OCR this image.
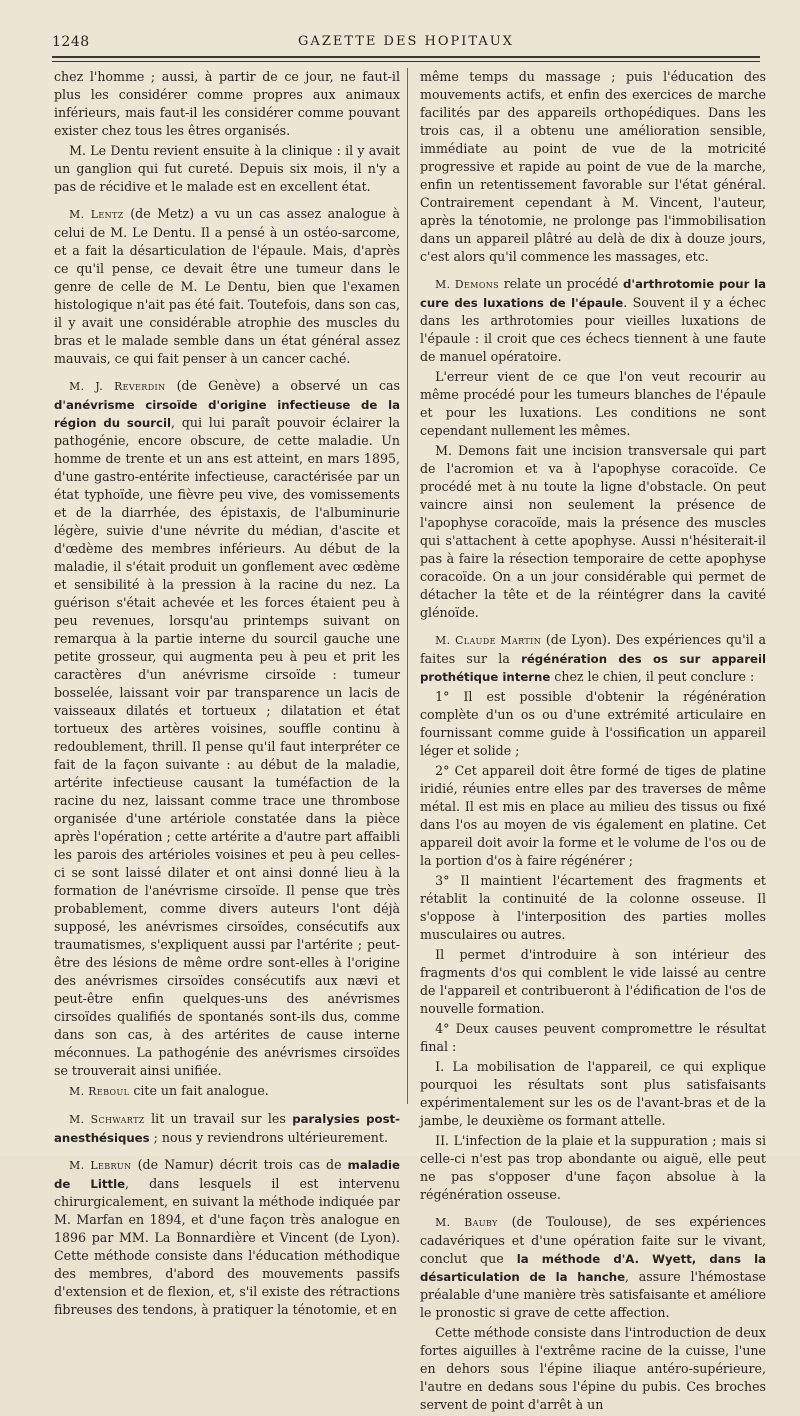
1248	GAZETTE DES HOPITAUX

chez l'homme ; aussi, à partir de ce jour, ne faut-il plus les considérer comme propres aux animaux inférieurs, mais faut-il les considérer comme pouvant exister chez tous les êtres organisés.

M. Le Dentu revient ensuite à la clinique : il y avait un ganglion qui fut cureté. Depuis six mois, il n'y a pas de récidive et le malade est en excellent état.

M. Lentz (de Metz) a vu un cas assez analogue à celui de M. Le Dentu. Il a pensé à un ostéo-sarcome, et a fait la désarticulation de l'épaule. Mais, d'après ce qu'il pense, ce devait être une tumeur dans le genre de celle de M. Le Dentu, bien que l'examen histologique n'ait pas été fait. Toutefois, dans son cas, il y avait une considérable atrophie des muscles du bras et le malade semble dans un état général assez mauvais, ce qui fait penser à un cancer caché.

M. J. Reverdin (de Genève) a observé un cas d'anévrisme cirsoïde d'origine infectieuse de la région du sourcil, qui lui paraît pouvoir éclairer la pathogénie, encore obscure, de cette maladie. Un homme de trente et un ans est atteint, en mars 1895, d'une gastro-entérite infectieuse, caractérisée par un état typhoïde, une fièvre peu vive, des vomissements et de la diarrhée, des épistaxis, de l'albuminurie légère, suivie d'une névrite du médian, d'ascite et d'œdème des membres inférieurs. Au début de la maladie, il s'était produit un gonflement avec œdème et sensibilité à la pression à la racine du nez. La guérison s'était achevée et les forces étaient peu à peu revenues, lorsqu'au printemps suivant on remarqua à la partie interne du sourcil gauche une petite grosseur, qui augmenta peu à peu et prit les caractères d'un anévrisme cirsoïde : tumeur bosselée, laissant voir par transparence un lacis de vaisseaux dilatés et tortueux ; dilatation et état tortueux des artères voisines, souffle continu à redoublement, thrill. Il pense qu'il faut interpréter ce fait de la façon suivante : au début de la maladie, artérite infectieuse causant la tuméfaction de la racine du nez, laissant comme trace une thrombose organisée d'une artériole constatée dans la pièce après l'opération ; cette artérite a d'autre part affaibli les parois des artérioles voisines et peu à peu celles-ci se sont laissé dilater et ont ainsi donné lieu à la formation de l'anévrisme cirsoïde. Il pense que très probablement, comme divers auteurs l'ont déjà supposé, les anévrismes cirsoïdes, consécutifs aux traumatismes, s'expliquent aussi par l'artérite ; peut-être des lésions de même ordre sont-elles à l'origine des anévrismes cirsoïdes consécutifs aux nævi et peut-être enfin quelques-uns des anévrismes cirsoïdes qualifiés de spontanés sont-ils dus, comme dans son cas, à des artérites de cause interne méconnues. La pathogénie des anévrismes cirsoïdes se trouverait ainsi unifiée.

M. Reboul cite un fait analogue.

M. Schwartz lit un travail sur les paralysies post-anesthésiques ; nous y reviendrons ultérieurement.

M. Lebrun (de Namur) décrit trois cas de maladie de Little, dans lesquels il est intervenu chirurgicalement, en suivant la méthode indiquée par M. Marfan en 1894, et d'une façon très analogue en 1896 par MM. La Bonnardière et Vincent (de Lyon). Cette méthode consiste dans l'éducation méthodique des membres, d'abord des mouvements passifs d'extension et de flexion, et, s'il existe des rétractions fibreuses des tendons, à pratiquer la ténotomie, et en

même temps du massage ; puis l'éducation des mouvements actifs, et enfin des exercices de marche facilités par des appareils orthopédiques. Dans les trois cas, il a obtenu une amélioration sensible, immédiate au point de vue de la motricité progressive et rapide au point de vue de la marche, enfin un retentissement favorable sur l'état général. Contrairement cependant à M. Vincent, l'auteur, après la ténotomie, ne prolonge pas l'immobilisation dans un appareil plâtré au delà de dix à douze jours, c'est alors qu'il commence les massages, etc.

M. Demons relate un procédé d'arthrotomie pour la cure des luxations de l'épaule. Souvent il y a échec dans les arthrotomies pour vieilles luxations de l'épaule : il croit que ces échecs tiennent à une faute de manuel opératoire.

L'erreur vient de ce que l'on veut recourir au même procédé pour les tumeurs blanches de l'épaule et pour les luxations. Les conditions ne sont cependant nullement les mêmes.

M. Demons fait une incision transversale qui part de l'acromion et va à l'apophyse coracoïde. Ce procédé met à nu toute la ligne d'obstacle. On peut vaincre ainsi non seulement la présence de l'apophyse coracoïde, mais la présence des muscles qui s'attachent à cette apophyse. Aussi n'hésiterait-il pas à faire la résection temporaire de cette apophyse coracoïde. On a un jour considérable qui permet de détacher la tête et de la réintégrer dans la cavité glénoïde.

M. Claude Martin (de Lyon). Des expériences qu'il a faites sur la régénération des os sur appareil prothétique interne chez le chien, il peut conclure :

1° Il est possible d'obtenir la régénération complète d'un os ou d'une extrémité articulaire en fournissant comme guide à l'ossification un appareil léger et solide ;

2° Cet appareil doit être formé de tiges de platine iridié, réunies entre elles par des traverses de même métal. Il est mis en place au milieu des tissus ou fixé dans l'os au moyen de vis également en platine. Cet appareil doit avoir la forme et le volume de l'os ou de la portion d'os à faire régénérer ;

3° Il maintient l'écartement des fragments et rétablit la continuité de la colonne osseuse. Il s'oppose à l'interposition des parties molles musculaires ou autres.

Il permet d'introduire à son intérieur des fragments d'os qui comblent le vide laissé au centre de l'appareil et contribueront à l'édification de l'os de nouvelle formation.

4° Deux causes peuvent compromettre le résultat final :

I. La mobilisation de l'appareil, ce qui explique pourquoi les résultats sont plus satisfaisants expérimentalement sur les os de l'avant-bras et de la jambe, le deuxième os formant attelle.

II. L'infection de la plaie et la suppuration ; mais si celle-ci n'est pas trop abondante ou aiguë, elle peut ne pas s'opposer d'une façon absolue à la régénération osseuse.

M. Bauby (de Toulouse), de ses expériences cadavériques et d'une opération faite sur le vivant, conclut que la méthode d'A. Wyett, dans la désarticulation de la hanche, assure l'hémostase préalable d'une manière très satisfaisante et améliore le pronostic si grave de cette affection.

Cette méthode consiste dans l'introduction de deux fortes aiguilles à l'extrême racine de la cuisse, l'une en dehors sous l'épine iliaque antéro-supérieure, l'autre en dedans sous l'épine du pubis. Ces broches servent de point d'arrêt à un
